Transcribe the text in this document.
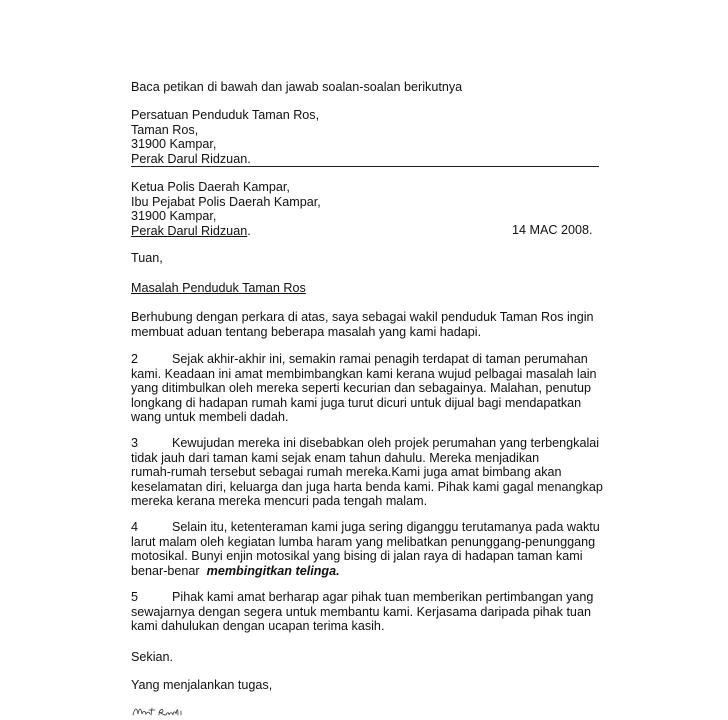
Baca petikan di bawah dan jawab soalan-soalan berikutnya
Persatuan Penduduk Taman Ros,
Taman Ros,
31900 Kampar,
Perak Darul Ridzuan.
Ketua Polis Daerah Kampar,
Ibu Pejabat Polis Daerah Kampar,
31900 Kampar,
Perak Darul Ridzuan.	14 MAC 2008.
Tuan,
Masalah Penduduk Taman Ros
Berhubung dengan perkara di atas, saya sebagai wakil penduduk Taman Ros ingin
membuat aduan tentang beberapa masalah yang kami hadapi.
2	Sejak akhir-akhir ini, semakin ramai penagih terdapat di taman perumahan
kami. Keadaan ini amat membimbangkan kami kerana wujud pelbagai masalah lain
yang ditimbulkan oleh mereka seperti kecurian dan sebagainya. Malahan, penutup
longkang di hadapan rumah kami juga turut dicuri untuk dijual bagi mendapatkan
wang untuk membeli dadah.
3	Kewujudan mereka ini disebabkan oleh projek perumahan yang terbengkalai
tidak jauh dari taman kami sejak enam tahun dahulu. Mereka menjadikan
rumah-rumah tersebut sebagai rumah mereka.Kami juga amat bimbang akan
keselamatan diri, keluarga dan juga harta benda kami. Pihak kami gagal menangkap
mereka kerana mereka mencuri pada tengah malam.
4	Selain itu, ketenteraman kami juga sering diganggu terutamanya pada waktu
larut malam oleh kegiatan lumba haram yang melibatkan penunggang-penunggang
motosikal. Bunyi enjin motosikal yang bising di jalan raya di hadapan taman kami
benar-benar membingitkan telinga.
5	Pihak kami amat berharap agar pihak tuan memberikan pertimbangan yang
sewajarnya dengan segera untuk membantu kami. Kerjasama daripada pihak tuan
kami dahulukan dengan ucapan terima kasih.
Sekian.
Yang menjalankan tugas,
